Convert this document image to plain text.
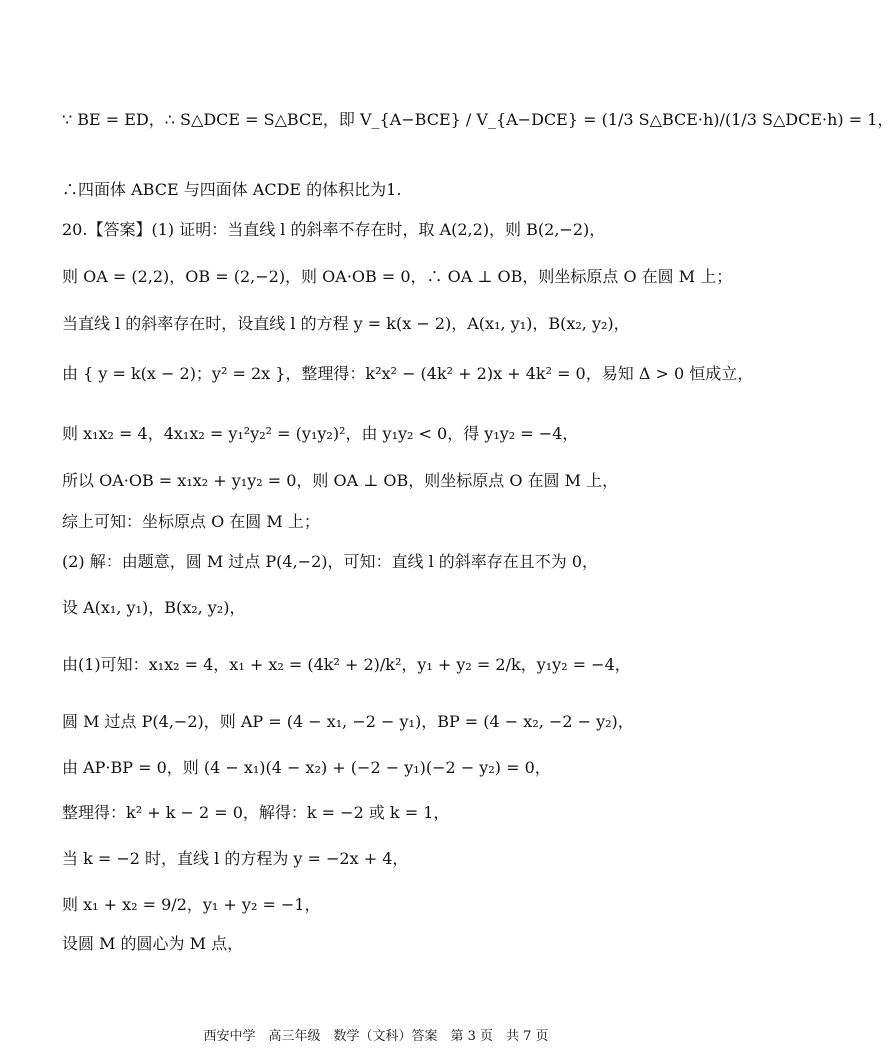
∵ BE = ED，∴ S△DCE = S△BCE，即 V_{A−BCE} / V_{A−DCE} = (1/3 S△BCE·h)/(1/3 S△DCE·h) = 1，
∴四面体 ABCE 与四面体 ACDE 的体积比为1.
20.【答案】(1) 证明：当直线 l 的斜率不存在时，取 A(2,2)，则 B(2,−2)，
则 OA = (2,2)，OB = (2,−2)，则 OA·OB = 0，∴ OA ⊥ OB，则坐标原点 O 在圆 M 上；
当直线 l 的斜率存在时，设直线 l 的方程 y = k(x − 2)，A(x₁, y₁)，B(x₂, y₂)，
由 { y = k(x − 2)；y² = 2x }，整理得：k²x² − (4k² + 2)x + 4k² = 0，易知 Δ > 0 恒成立，
则 x₁x₂ = 4，4x₁x₂ = y₁²y₂² = (y₁y₂)²，由 y₁y₂ < 0，得 y₁y₂ = −4，
所以 OA·OB = x₁x₂ + y₁y₂ = 0，则 OA ⊥ OB，则坐标原点 O 在圆 M 上，
综上可知：坐标原点 O 在圆 M 上；
(2) 解：由题意，圆 M 过点 P(4,−2)，可知：直线 l 的斜率存在且不为 0，
设 A(x₁, y₁)，B(x₂, y₂)，
由(1)可知：x₁x₂ = 4，x₁ + x₂ = (4k² + 2)/k²，y₁ + y₂ = 2/k，y₁y₂ = −4，
圆 M 过点 P(4,−2)，则 AP = (4 − x₁, −2 − y₁)，BP = (4 − x₂, −2 − y₂)，
由 AP·BP = 0，则 (4 − x₁)(4 − x₂) + (−2 − y₁)(−2 − y₂) = 0，
整理得：k² + k − 2 = 0，解得：k = −2 或 k = 1，
当 k = −2 时，直线 l 的方程为 y = −2x + 4，
则 x₁ + x₂ = 9/2，y₁ + y₂ = −1，
设圆 M 的圆心为 M 点，
西安中学　高三年级　数学（文科）答案　第 3 页　共 7 页
